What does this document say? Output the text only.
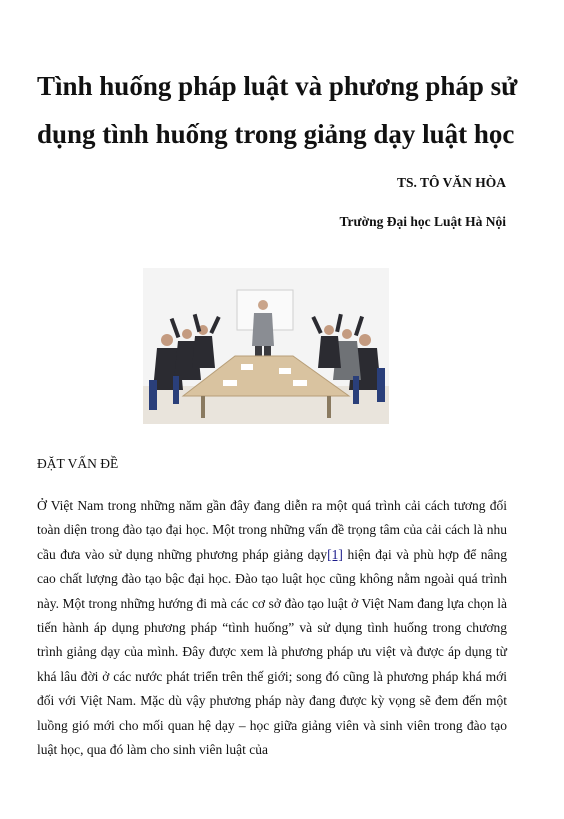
Tình huống pháp luật và phương pháp sử dụng tình huống trong giảng dạy luật học
TS. TÔ VĂN HÒA
Trường Đại học Luật Hà Nội
ĐẶT VẤN ĐỀ

Ở Việt Nam trong những năm gần đây đang diễn ra một quá trình cải cách tương đối toàn diện trong đào tạo đại học. Một trong những vấn đề trọng tâm của cải cách là nhu cầu đưa vào sử dụng những phương pháp giảng dạy[1] hiện đại và phù hợp để nâng cao chất lượng đào tạo bậc đại học. Đào tạo luật học cũng không nằm ngoài quá trình này. Một trong những hướng đi mà các cơ sở đào tạo luật ở Việt Nam đang lựa chọn là tiến hành áp dụng phương pháp “tình huống” và sử dụng tình huống trong chương trình giảng dạy của mình. Đây được xem là phương pháp ưu việt và được áp dụng từ khá lâu đời ở các nước phát triển trên thế giới; song đó cũng là phương pháp khá mới đối với Việt Nam. Mặc dù vậy phương pháp này đang được kỳ vọng sẽ đem đến một luồng gió mới cho mối quan hệ dạy – học giữa giảng viên và sinh viên trong đào tạo luật học, qua đó làm cho sinh viên luật của
